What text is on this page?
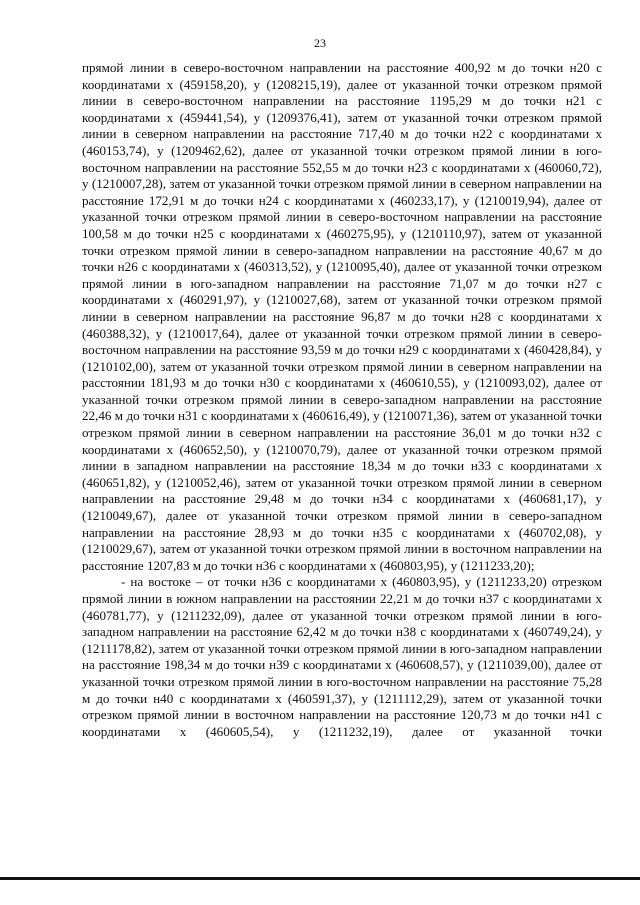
23

прямой линии в северо-восточном направлении на расстояние 400,92 м до точки н20 с координатами x (459158,20), y (1208215,19), далее от указанной точки отрезком прямой линии в северо-восточном направлении на расстояние 1195,29 м до точки н21 с координатами x (459441,54), y (1209376,41), затем от указанной точки отрезком прямой линии в северном направлении на расстояние 717,40 м до точки н22 с координатами x (460153,74), y (1209462,62), далее от указанной точки отрезком прямой линии в юго-восточном направлении на расстояние 552,55 м до точки н23 с координатами x (460060,72), y (1210007,28), затем от указанной точки отрезком прямой линии в северном направлении на расстояние 172,91 м до точки н24 с координатами x (460233,17), y (1210019,94), далее от указанной точки отрезком прямой линии в северо-восточном направлении на расстояние 100,58 м до точки н25 с координатами x (460275,95), y (1210110,97), затем от указанной точки отрезком прямой линии в северо-западном направлении на расстояние 40,67 м до точки н26 с координатами x (460313,52), y (1210095,40), далее от указанной точки отрезком прямой линии в юго-западном направлении на расстояние 71,07 м до точки н27 с координатами x (460291,97), y (1210027,68), затем от указанной точки отрезком прямой линии в северном направлении на расстояние 96,87 м до точки н28 с координатами x (460388,32), y (1210017,64), далее от указанной точки отрезком прямой линии в северо-восточном направлении на расстояние 93,59 м до точки н29 с координатами x (460428,84), y (1210102,00), затем от указанной точки отрезком прямой линии в северном направлении на расстоянии 181,93 м до точки н30 с координатами x (460610,55), y (1210093,02), далее от указанной точки отрезком прямой линии в северо-западном направлении на расстояние 22,46 м до точки н31 с координатами x (460616,49), y (1210071,36), затем от указанной точки отрезком прямой линии в северном направлении на расстояние 36,01 м до точки н32 с координатами x (460652,50), y (1210070,79), далее от указанной точки отрезком прямой линии в западном направлении на расстояние 18,34 м до точки н33 с координатами x (460651,82), y (1210052,46), затем от указанной точки отрезком прямой линии в северном направлении на расстояние 29,48 м до точки н34 с координатами x (460681,17), y (1210049,67), далее от указанной точки отрезком прямой линии в северо-западном направлении на расстояние 28,93 м до точки н35 с координатами x (460702,08), y (1210029,67), затем от указанной точки отрезком прямой линии в восточном направлении на расстояние 1207,83 м до точки н36 с координатами x (460803,95), y (1211233,20);

- на востоке – от точки н36 с координатами x (460803,95), y (1211233,20) отрезком прямой линии в южном направлении на расстоянии 22,21 м до точки н37 с координатами x (460781,77), y (1211232,09), далее от указанной точки отрезком прямой линии в юго-западном направлении на расстояние 62,42 м до точки н38 с координатами x (460749,24), y (1211178,82), затем от указанной точки отрезком прямой линии в юго-западном направлении на расстояние 198,34 м до точки н39 с координатами x (460608,57), y (1211039,00), далее от указанной точки отрезком прямой линии в юго-восточном направлении на расстояние 75,28 м до точки н40 с координатами x (460591,37), y (1211112,29), затем от указанной точки отрезком прямой линии в восточном направлении на расстояние 120,73 м до точки н41 с координатами x (460605,54), y (1211232,19), далее от указанной точки
